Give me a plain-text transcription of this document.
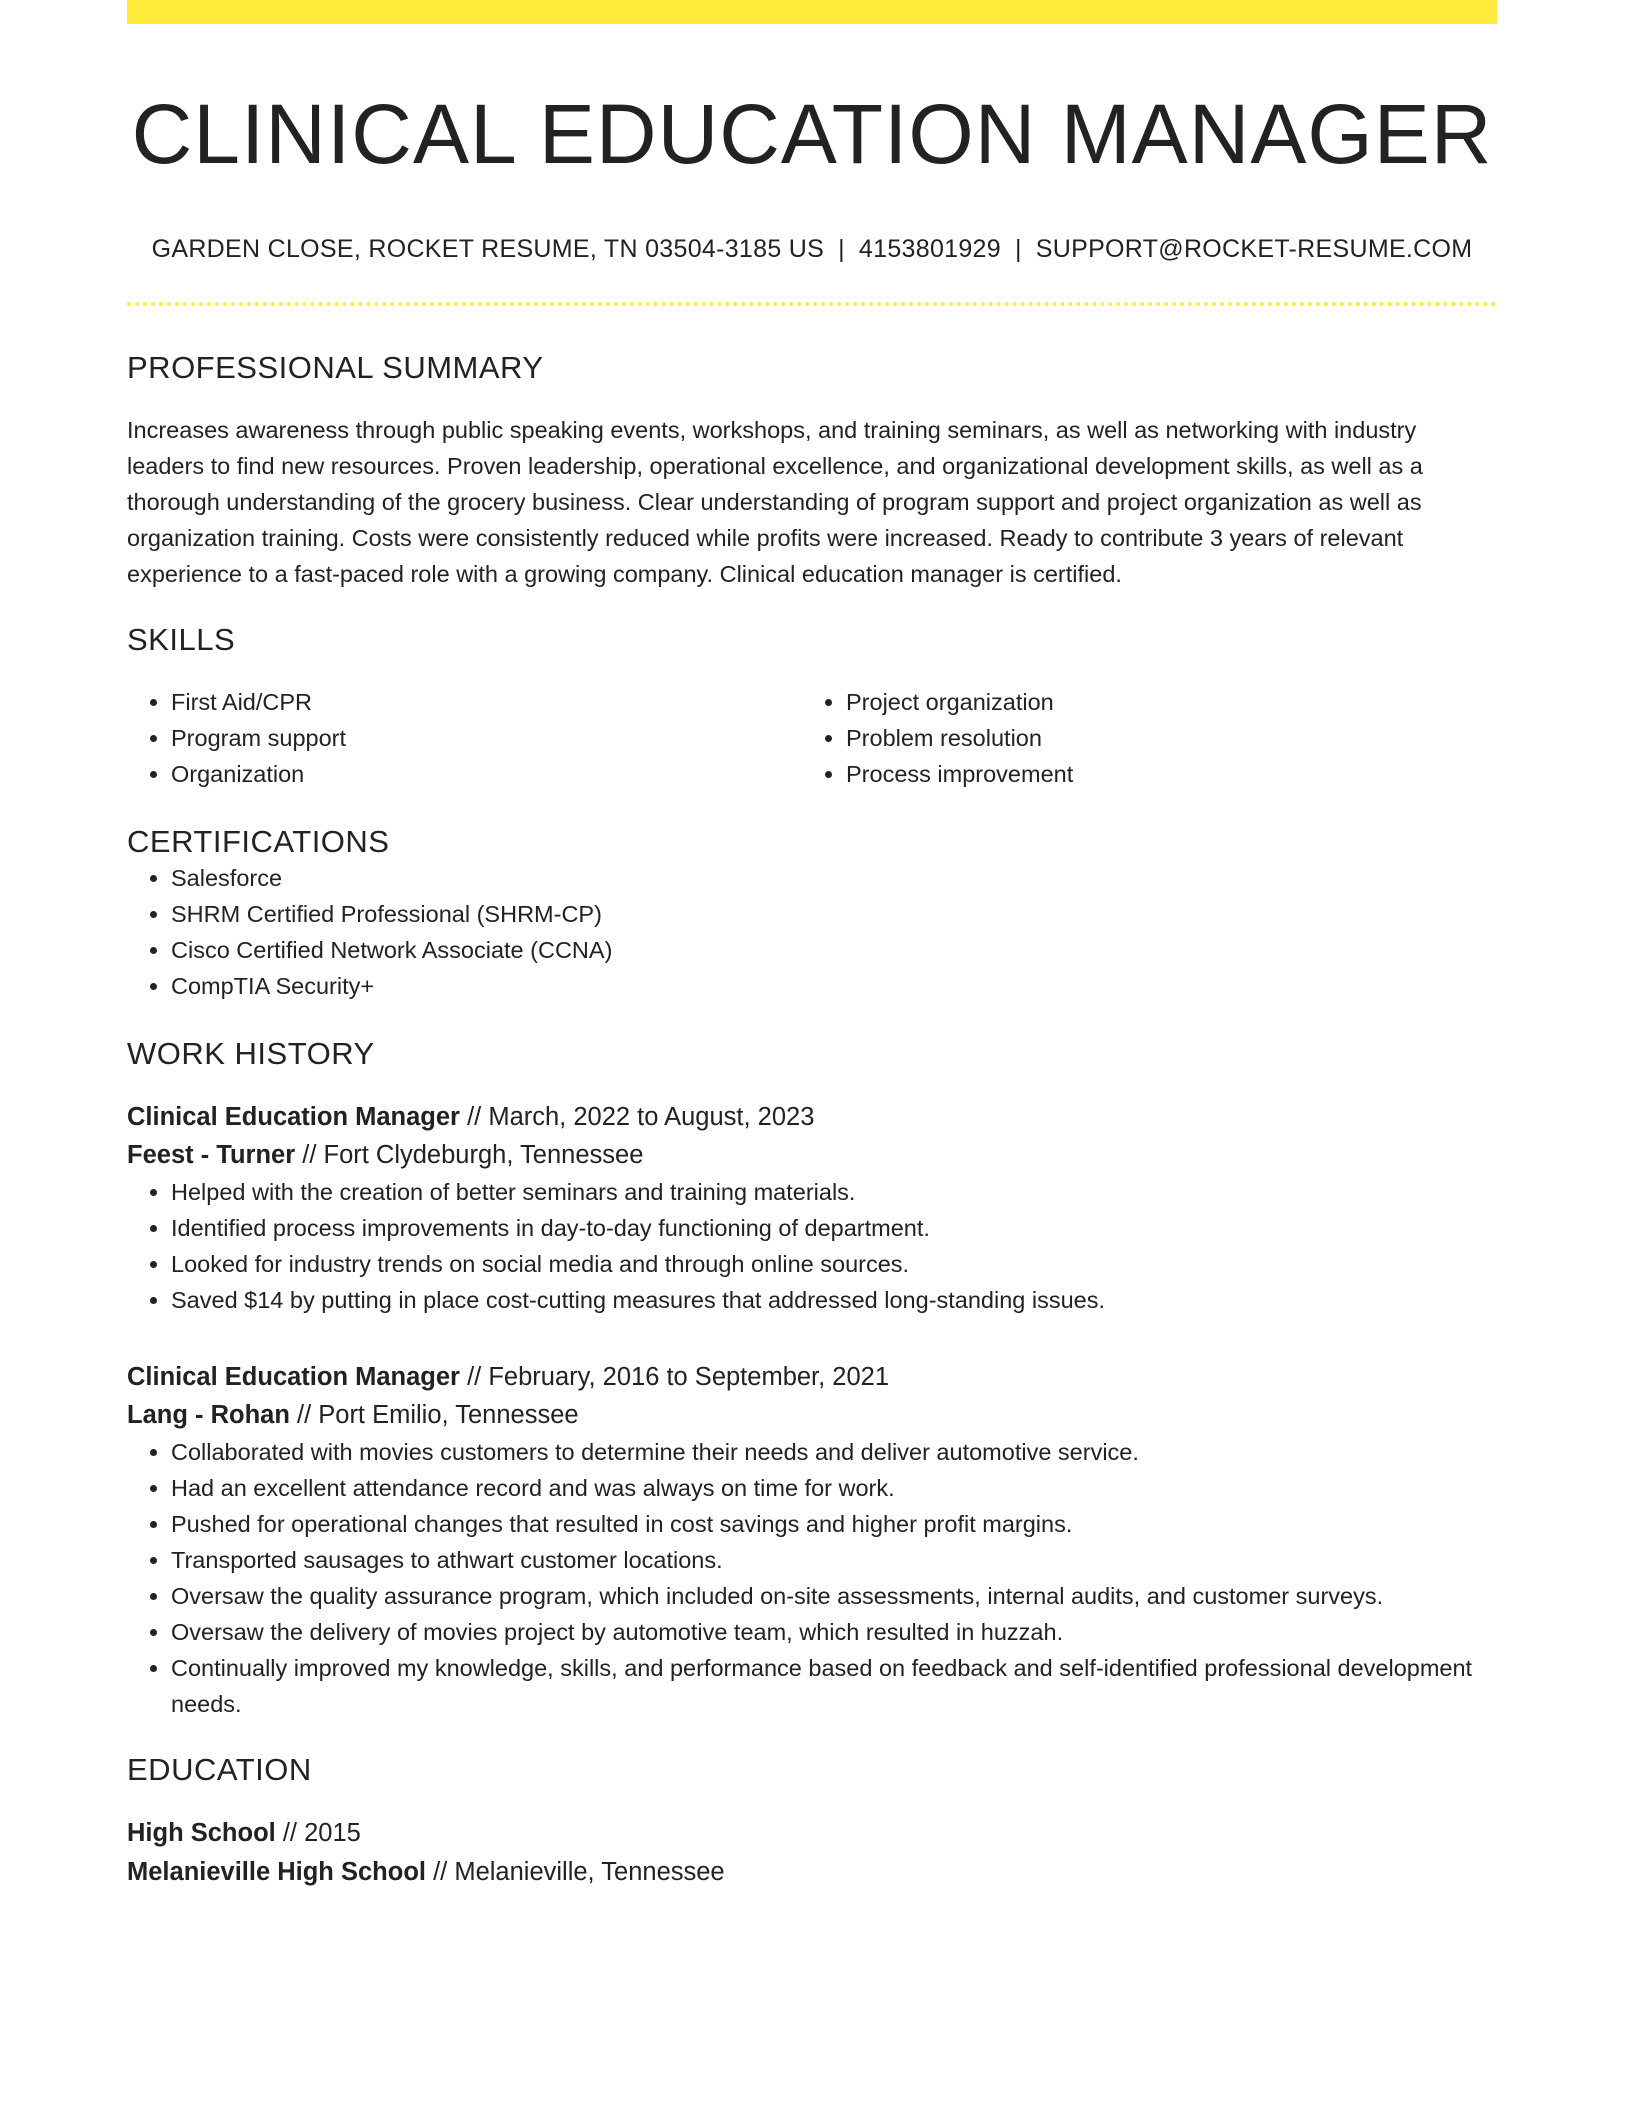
CLINICAL EDUCATION MANAGER
GARDEN CLOSE, ROCKET RESUME, TN 03504-3185 US | 4153801929 | SUPPORT@ROCKET-RESUME.COM
PROFESSIONAL SUMMARY
Increases awareness through public speaking events, workshops, and training seminars, as well as networking with industry leaders to find new resources. Proven leadership, operational excellence, and organizational development skills, as well as a thorough understanding of the grocery business. Clear understanding of program support and project organization as well as organization training. Costs were consistently reduced while profits were increased. Ready to contribute 3 years of relevant experience to a fast-paced role with a growing company. Clinical education manager is certified.
SKILLS
• First Aid/CPR
• Program support
• Organization
• Project organization
• Problem resolution
• Process improvement
CERTIFICATIONS
• Salesforce
• SHRM Certified Professional (SHRM-CP)
• Cisco Certified Network Associate (CCNA)
• CompTIA Security+
WORK HISTORY
Clinical Education Manager // March, 2022 to August, 2023
Feest - Turner // Fort Clydeburgh, Tennessee
• Helped with the creation of better seminars and training materials.
• Identified process improvements in day-to-day functioning of department.
• Looked for industry trends on social media and through online sources.
• Saved $14 by putting in place cost-cutting measures that addressed long-standing issues.
Clinical Education Manager // February, 2016 to September, 2021
Lang - Rohan // Port Emilio, Tennessee
• Collaborated with movies customers to determine their needs and deliver automotive service.
• Had an excellent attendance record and was always on time for work.
• Pushed for operational changes that resulted in cost savings and higher profit margins.
• Transported sausages to athwart customer locations.
• Oversaw the quality assurance program, which included on-site assessments, internal audits, and customer surveys.
• Oversaw the delivery of movies project by automotive team, which resulted in huzzah.
• Continually improved my knowledge, skills, and performance based on feedback and self-identified professional development needs.
EDUCATION
High School // 2015
Melanieville High School // Melanieville, Tennessee
